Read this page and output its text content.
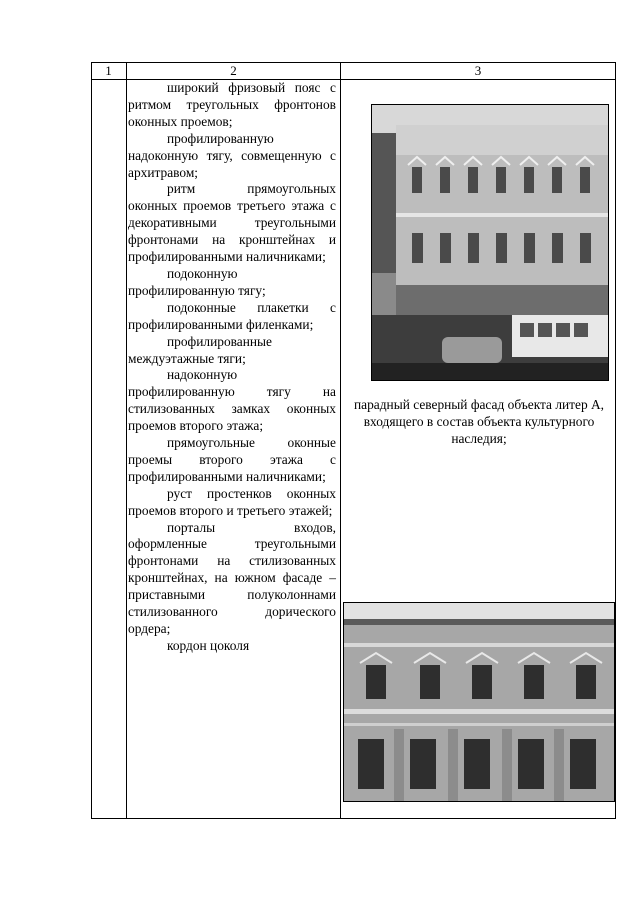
1	2	3

широкий фризовый пояс с ритмом треугольных фронтонов оконных проемов;

профилированную надоконную тягу, совмещенную с архитравом;

ритм прямоугольных оконных проемов третьего этажа с декоративными треугольными фронтонами на кронштейнах и профилированными наличниками;

подоконную профилированную тягу;

подоконные плакетки с профилированными филенками;

профилированные междуэтажные тяги;

надоконную профилированную тягу на стилизованных замках оконных проемов второго этажа;

прямоугольные оконные проемы второго этажа с профилированными наличниками;

руст простенков оконных проемов второго и третьего этажей;

порталы входов, оформленные треугольными фронтонами на стилизованных кронштейнах, на южном фасаде – приставными полуколоннами стилизованного дорического ордера;

кордон цоколя

парадный северный фасад объекта литер А, входящего в состав объекта культурного наследия;
